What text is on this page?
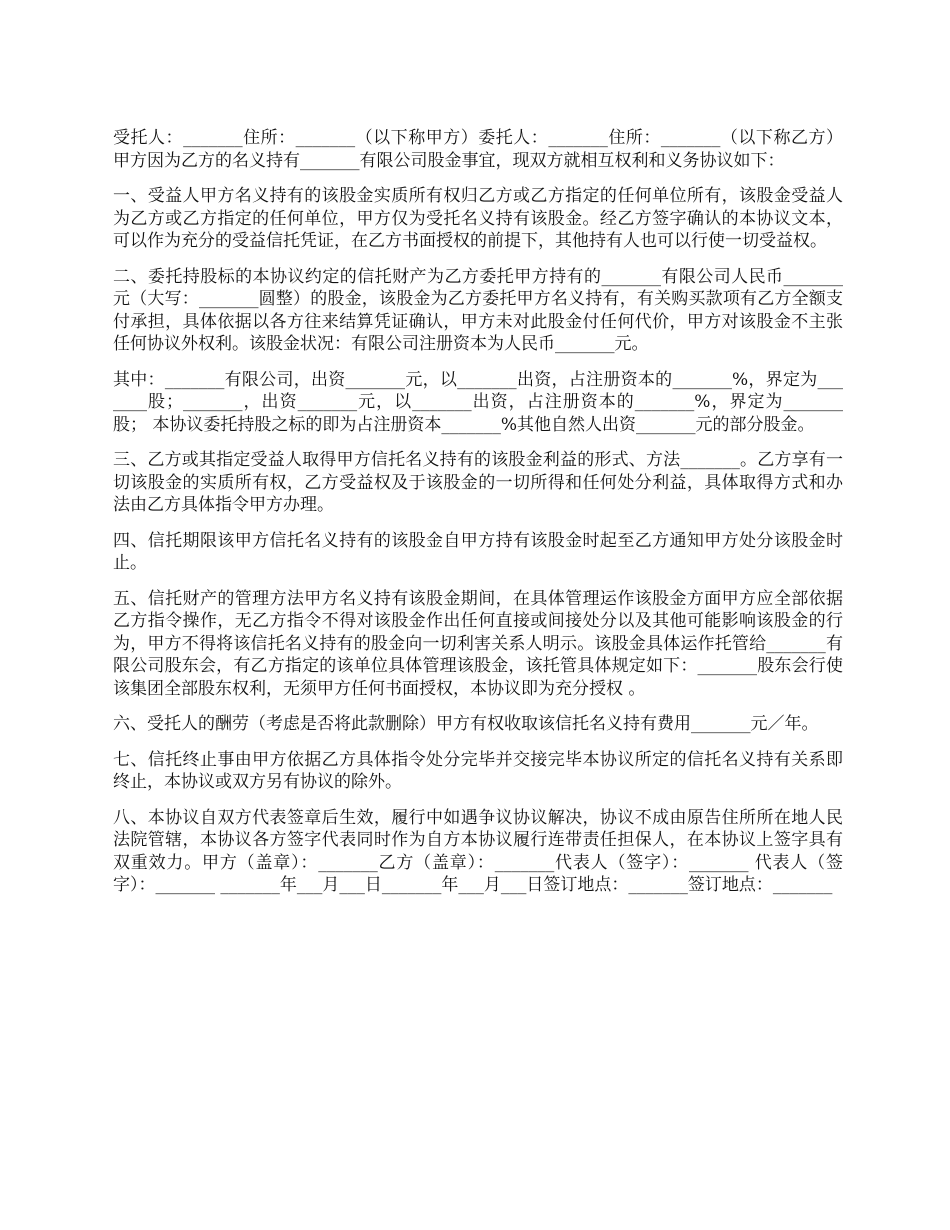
受托人：_______住所：_______（以下称甲方）委托人：_______住所：_______（以下称乙方）甲方因为乙方的名义持有_______有限公司股金事宜，现双方就相互权利和义务协议如下：

一、受益人甲方名义持有的该股金实质所有权归乙方或乙方指定的任何单位所有，该股金受益人为乙方或乙方指定的任何单位，甲方仅为受托名义持有该股金。经乙方签字确认的本协议文本，可以作为充分的受益信托凭证，在乙方书面授权的前提下，其他持有人也可以行使一切受益权。

二、委托持股标的本协议约定的信托财产为乙方委托甲方持有的_______有限公司人民币_______元（大写：_______圆整）的股金，该股金为乙方委托甲方名义持有，有关购买款项有乙方全额支付承担，具体依据以各方往来结算凭证确认，甲方未对此股金付任何代价，甲方对该股金不主张任何协议外权利。该股金状况：有限公司注册资本为人民币_______元。

其中：_______有限公司，出资_______元，以_______出资，占注册资本的_______%，界定为_______股；_______，出资_______元，以_______出资，占注册资本的_______%，界定为_______股； 本协议委托持股之标的即为占注册资本_______%其他自然人出资_______元的部分股金。

三、乙方或其指定受益人取得甲方信托名义持有的该股金利益的形式、方法_______。乙方享有一切该股金的实质所有权，乙方受益权及于该股金的一切所得和任何处分利益，具体取得方式和办法由乙方具体指令甲方办理。

四、信托期限该甲方信托名义持有的该股金自甲方持有该股金时起至乙方通知甲方处分该股金时止。

五、信托财产的管理方法甲方名义持有该股金期间，在具体管理运作该股金方面甲方应全部依据乙方指令操作，无乙方指令不得对该股金作出任何直接或间接处分以及其他可能影响该股金的行为，甲方不得将该信托名义持有的股金向一切利害关系人明示。该股金具体运作托管给_______有限公司股东会，有乙方指定的该单位具体管理该股金，该托管具体规定如下：_______股东会行使该集团全部股东权利，无须甲方任何书面授权，本协议即为充分授权 。

六、受托人的酬劳（考虑是否将此款删除）甲方有权收取该信托名义持有费用_______元／年。

七、信托终止事由甲方依据乙方具体指令处分完毕并交接完毕本协议所定的信托名义持有关系即终止，本协议或双方另有协议的除外。

八、本协议自双方代表签章后生效，履行中如遇争议协议解决，协议不成由原告住所所在地人民法院管辖，本协议各方签字代表同时作为自方本协议履行连带责任担保人，在本协议上签字具有双重效力。甲方（盖章）：_______乙方（盖章）：_______代表人（签字）：_______ 代表人（签字）：_______ _______年___月___日_______年___月___日签订地点：_______签订地点：_______
